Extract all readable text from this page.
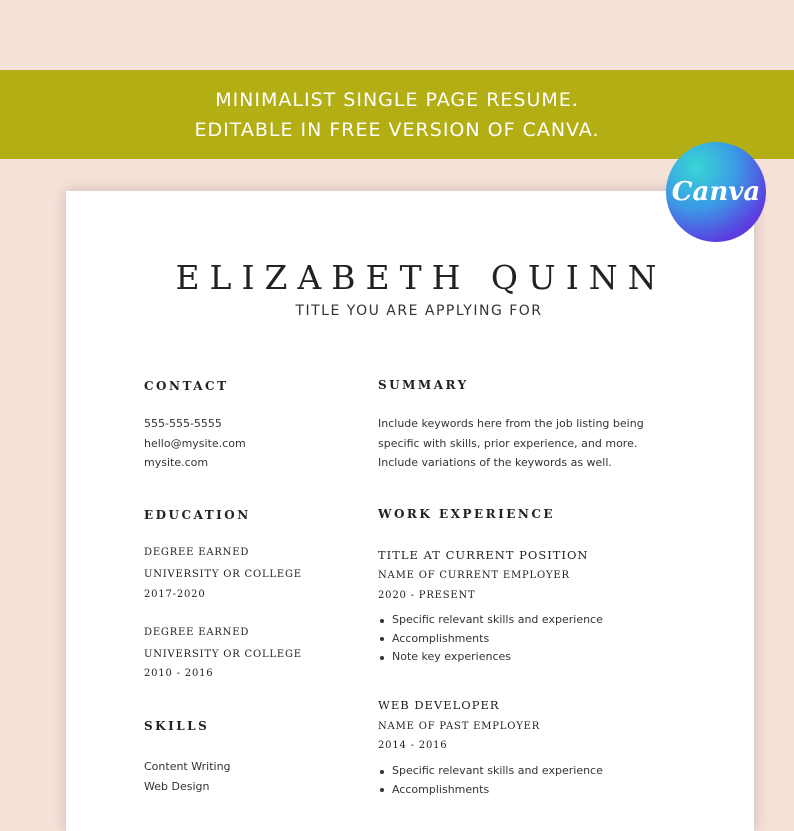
MINIMALIST SINGLE PAGE RESUME.
EDITABLE IN FREE VERSION OF CANVA.
Canva
ELIZABETH QUINN
TITLE YOU ARE APPLYING FOR
CONTACT
555-555-5555
hello@mysite.com
mysite.com
EDUCATION
DEGREE EARNED
UNIVERSITY OR COLLEGE
2017-2020
DEGREE EARNED
UNIVERSITY OR COLLEGE
2010 - 2016
SKILLS
Content Writing
Web Design
SUMMARY
Include keywords here from the job listing being
specific with skills, prior experience, and more.
Include variations of the keywords as well.
WORK EXPERIENCE
TITLE AT CURRENT POSITION
NAME OF CURRENT EMPLOYER
2020 - PRESENT
Specific relevant skills and experience
Accomplishments
Note key experiences
WEB DEVELOPER
NAME OF PAST EMPLOYER
2014 - 2016
Specific relevant skills and experience
Accomplishments
